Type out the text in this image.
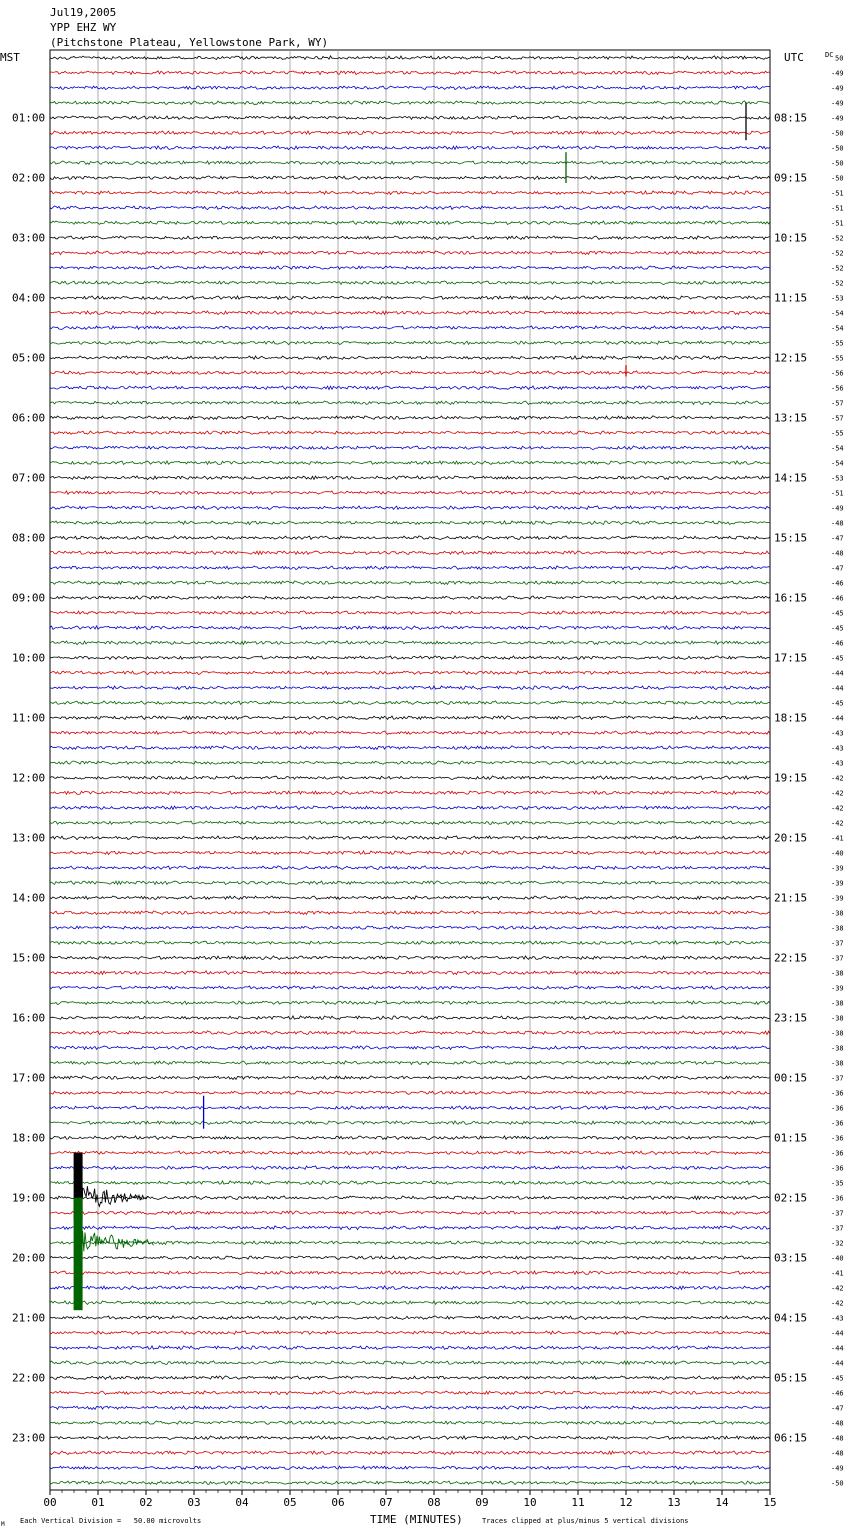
Jul19,2005
YPP EHZ WY
(Pitchstone Plateau, Yellowstone Park, WY)
MST	UTC	DC
TIME (MINUTES)
Each Vertical Division =   50.00 microvolts	Traces clipped at plus/minus 5 vertical divisions
M
01:00
02:00
03:00
04:00
05:00
06:00
07:00
08:00
09:00
10:00
11:00
12:00
13:00
14:00
15:00
16:00
17:00
18:00
19:00
20:00
21:00
22:00
23:00
08:15
09:15
10:15
11:15
12:15
13:15
14:15
15:15
16:15
17:15
18:15
19:15
20:15
21:15
22:15
23:15
00:15
01:15
02:15
03:15
04:15
05:15
06:15
50
-49
-49
-49
-49
-50
-50
-50
-50
-51
-51
-51
-52
-52
-52
-52
-53
-54
-54
-55
-55
-56
-56
-57
-57
-55
-54
-54
-53
-51
-49
-48
-47
-48
-47
-46
-46
-45
-45
-46
-45
-44
-44
-45
-44
-43
-43
-43
-42
-42
-42
-42
-41
-40
-39
-39
-39
-38
-38
-37
-37
-38
-39
-38
-38
-38
-38
-38
-37
-36
-36
-36
-36
-36
-36
-35
-36
-37
-37
-32
-40
-41
-42
-42
-43
-44
-44
-44
-45
-46
-47
-48
-48
-48
-49
-50
00	01	02	03	04	05	06	07	08	09	10	11	12	13	14	15
